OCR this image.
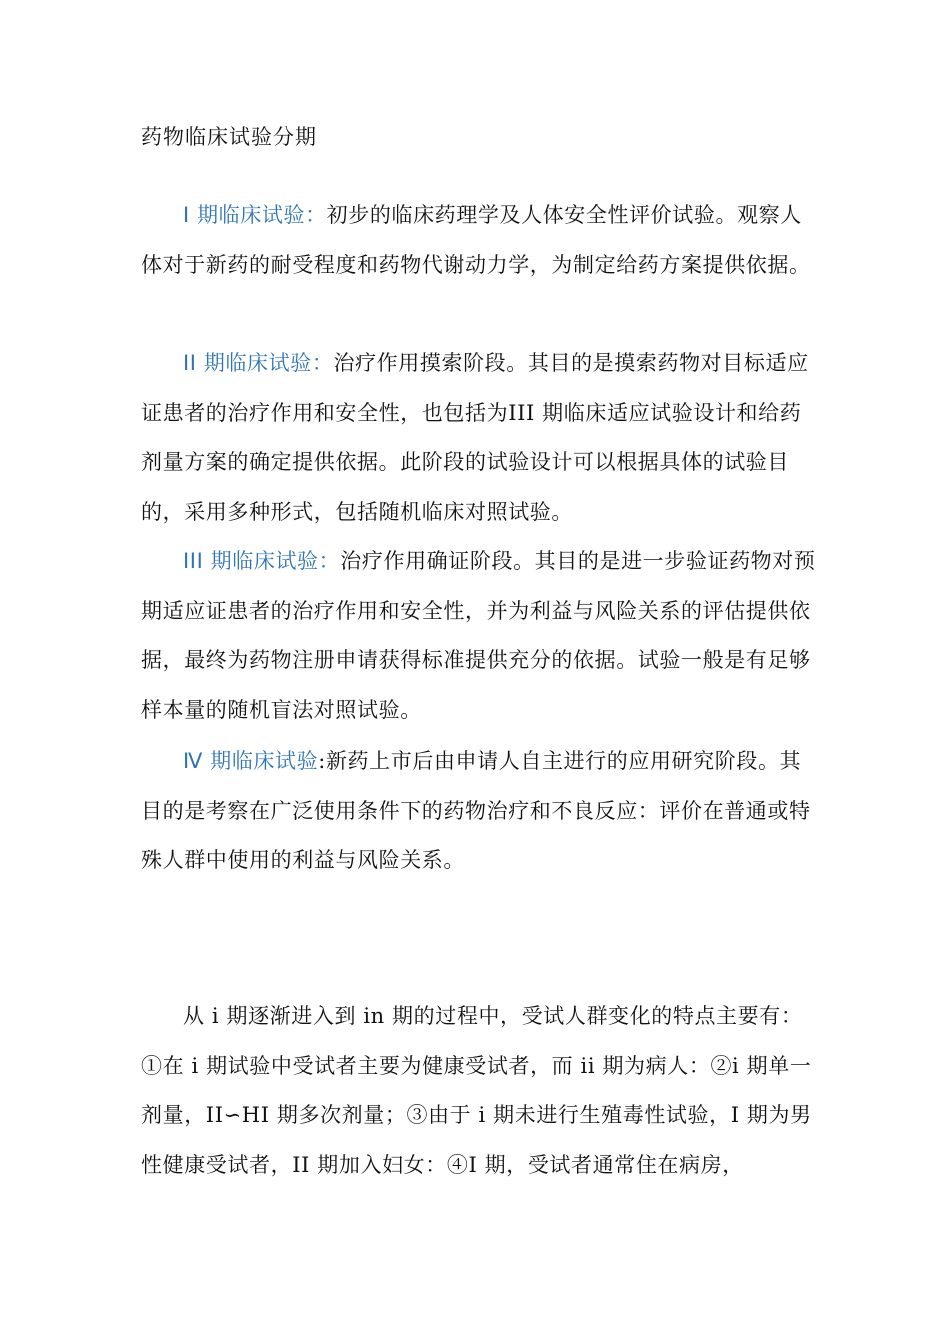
药物临床试验分期

I 期临床试验：初步的临床药理学及人体安全性评价试验。观察人体对于新药的耐受程度和药物代谢动力学，为制定给药方案提供依据。

II 期临床试验：治疗作用摸索阶段。其目的是摸索药物对目标适应证患者的治疗作用和安全性，也包括为III 期临床适应试验设计和给药剂量方案的确定提供依据。此阶段的试验设计可以根据具体的试验目的，采用多种形式，包括随机临床对照试验。

III 期临床试验：治疗作用确证阶段。其目的是进一步验证药物对预期适应证患者的治疗作用和安全性，并为利益与风险关系的评估提供依据，最终为药物注册申请获得标准提供充分的依据。试验一般是有足够样本量的随机盲法对照试验。

Ⅳ 期临床试验:新药上市后由申请人自主进行的应用研究阶段。其目的是考察在广泛使用条件下的药物治疗和不良反应：评价在普通或特殊人群中使用的利益与风险关系。

从 i 期逐渐进入到 in 期的过程中，受试人群变化的特点主要有：①在 i 期试验中受试者主要为健康受试者，而 ii 期为病人：②i 期单一剂量，II∽HI 期多次剂量；③由于 i 期未进行生殖毒性试验，I 期为男性健康受试者，II 期加入妇女：④I 期，受试者通常住在病房，
